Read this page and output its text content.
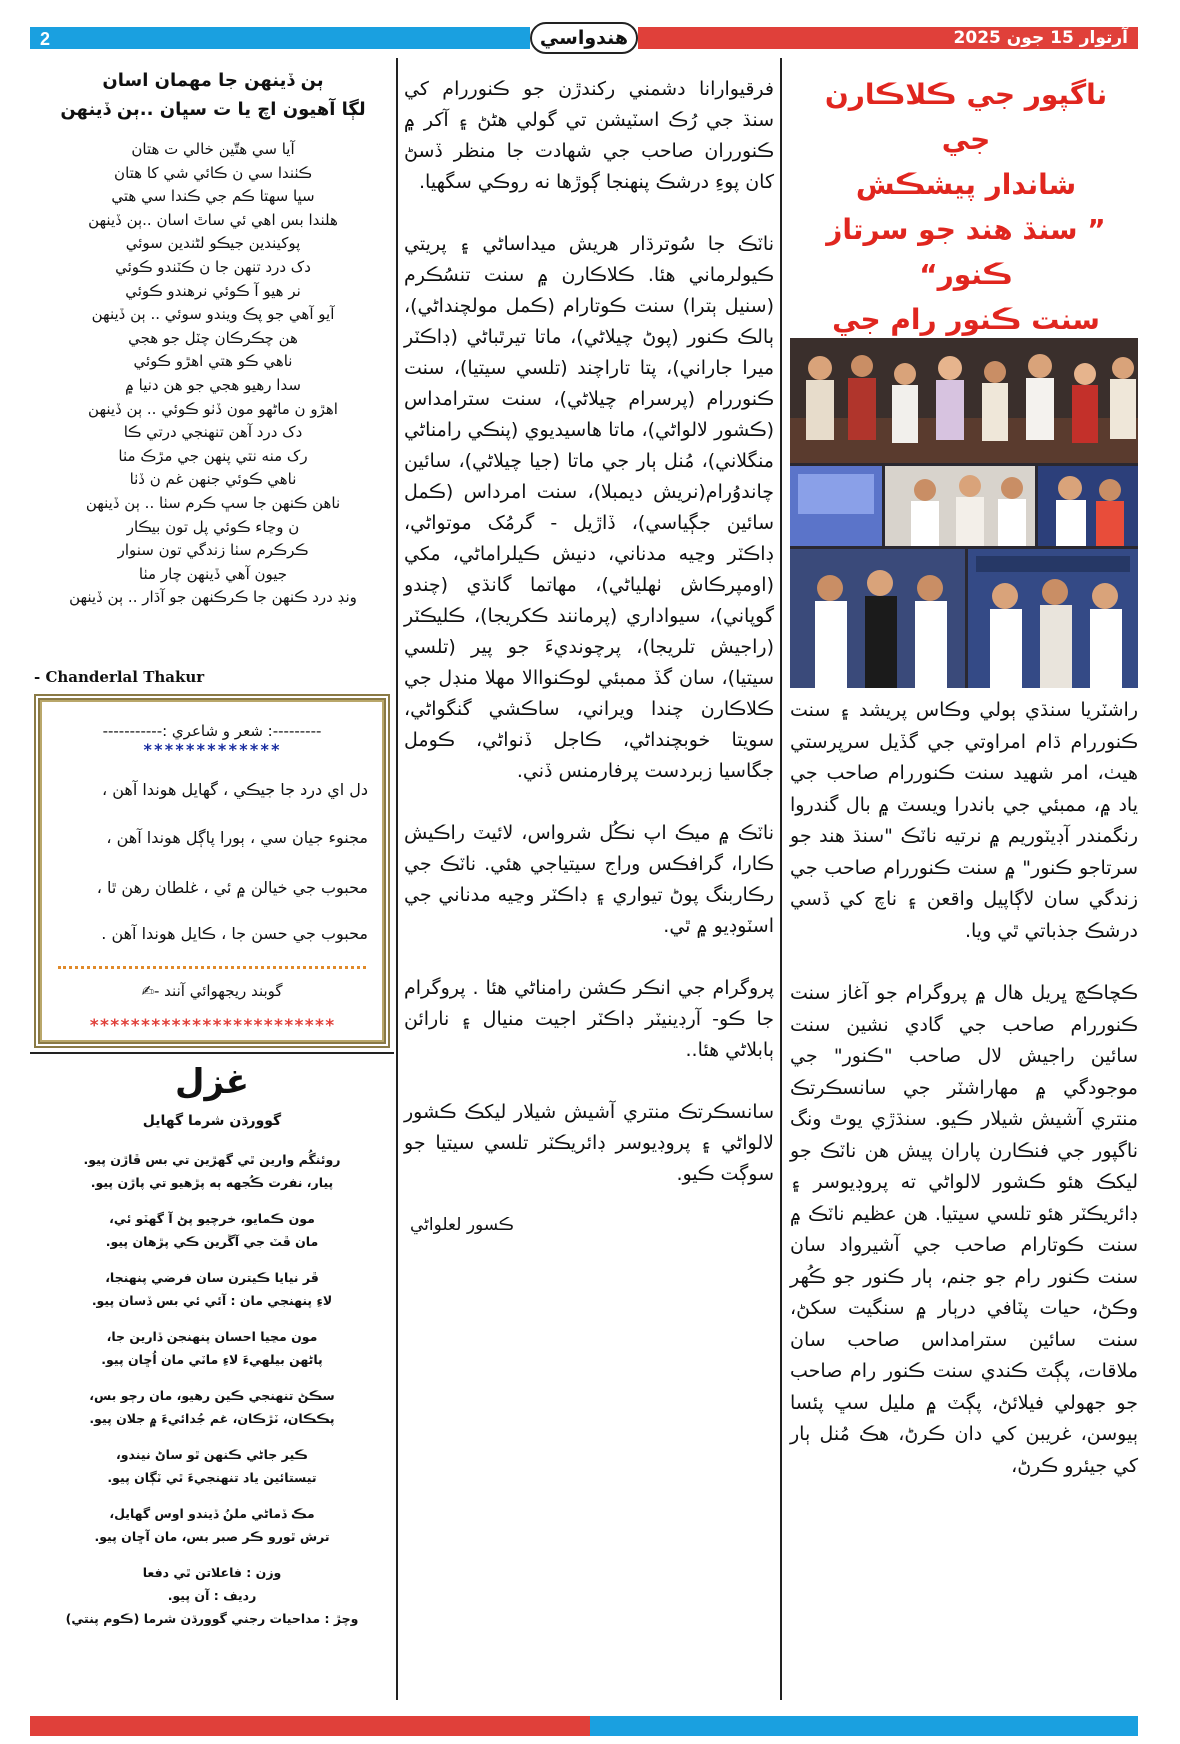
2	آرتوار 15 جون 2025
هندواسي
ٻن ڏينهن جا مهمان اسان
لڳا آهيون اچ يا ت سڀان ..ٻن ڏينهن
آيا سي هتّين خالي ت هتان
ڪٺندا سي ن ڪائي شي کا هتان
سڀا سهتا ڪم جي ڪندا سي هتي
هلندا بس اهي ئي ساٿ اسان ..ٻن ڏينهن
پوکيندين جيڪو لڻندين سوئي
دک درد تنهن جا ن ڪٽندو ڪوئي
نر هيو آ ڪوئي نرهندو ڪوئي
آيو آهي جو پڪ ويندو سوئي .. ٻن ڏينهن
هن چڪرڪان چٽل جو هجي
ناهي ڪو هتي اهڙو ڪوئي
سدا رهيو هجي جو هن دنيا ۾
اهڙو ن ماڻهو مون ڏٺو ڪوئي .. ٻن ڏينهن
دک درد آهن تنهنجي درتي ڪا
رک منه نتي پنهن جي مڙڪ مٺا
ناهي ڪوئي جنهن غم ن ڏٺا
ناهن ڪنهن جا سڀ ڪرم سٺا .. ٻن ڏينهن
ن وڃاء ڪوئي پل تون بيڪار
ڪرڪرم سٺا زندگي تون سنوار
جيون آهي ڏينهن چار مٺا
ونڊ درد ڪنهن جا ڪرڪنهن جو آڌار .. ٻن ڏينهن
- Chanderlal Thakur
---------: شعر و شاعري :-----------
*************
دل اي درد جا جيڪي ، گهايل هوندا آهن ،
مجنوء جيان سي ، ٻورا پاڳل هوندا آهن ،
محبوب جي خيالن ۾ ئي ، غلطان رهن ٿا ،
محبوب جي حسن جا ، ڪايل هوندا آهن .
گوبند ريجهوائي آنند -✍
************************
غزل
گوورڌن شرما گهايل
روئنگُم وارين ٿي گهڙين تي بس ڦاڙن پيو.
پيار، نفرت ڪُجهه ٻه پڙهيو تي پاڙن پيو.
مون ڪمايو، خرچيو پڻ آ گهٽو ئي،
مان ڦٽ جي آڱرين ڪي پڙهان پيو.
ڦر نيايا ڪيترن سان فرضي پنهنجا،
لاءِ پنهنجي مان : آئي ئي بس ڏسان پيو.
مون مڃيا احسان پنهنجن ڏارين جا،
پاڻهن بيلهيءَ لاءِ ماٽي مان اُڇان پيو.
سڪڻ تنهنجي ڪين رهيو، مان رڄو بس،
پڪڪان، ٽڙڪان، غم جُدائيءَ ۾ جلان پيو.
ڪير جاڻي ڪنهن ٿو ساڻ نيندو،
تيستائين ياد تنهنجيءَ ٿي ٽڳان پيو.
مڪ ڏماڻي ملنُ ڏيندو اوس گهايل،
ترش ٿورو ڪر صبر بس، مان آڇان پيو.
وزن : فاعلاتن ٿي دفعا
رديف : آن پيو.
وچڙ : مداحيات رجني گوورڌن شرما (ڪوم پنتي)

فرقيوارانا دشمني رکندڙن جو ڪنوررام کي سنڌ جي رُڪ اسٽيشن تي گولي هڻڻ ۽ آکر ۾ ڪنورران صاحب جي شهادت جا منظر ڏسڻ کان پوءِ درشڪ پنهنجا ڳوڙها نه روڪي سگهيا.

ناٽڪ جا سُوترڌار هريش ميداساڻي ۽ پريتي ڪيولرماني هئا. ڪلاڪارن ۾ سنت تنسُڪرم (سنيل ٻترا) سنت ڪوتارام (ڪمل مولچنداڻي)، ٻالڪ ڪنور (پوڻ چيلاڻي)، ماتا تيرٿباڻي (ڊاڪٽر ميرا جاراني)، پتا تاراچند (تلسي سيتيا)، سنت ڪنوررام (پرسرام چيلاڻي)، سنت سترامداس (ڪشور لالواڻي)، ماتا هاسيديوي (پنڪي رامناڻي منگلاني)، مُنل ٻار جي ماتا (جيا چيلاڻي)، سائين چاندوُرام(نريش ديمبلا)، سنت امرداس (ڪمل سائين جڳياسي)، ڏاڙيل - گرمُک موتواڻي، ڊاڪٽر وڃيه مدناني، دنيش ڪيلراماڻي، مکي (اومپرڪاش ٺهلياڻي)، مهاتما گانڌي (چندو گوپاني)، سيواداري (پرمانند ڪکريجا)، ڪليڪٽر (راجيش تلريجا)، پرچونديءَ جو پير (تلسي سيتيا)، سان گڏ ممبئي لوڪنواالا مهلا منڊل جي ڪلاڪارن چندا ويراني، ساڪشي گنگواڻي، سويتا خوبچنداڻي، ڪاجل ڏنواڻي، ڪومل جگاسيا زبردست پرفارمنس ڏني.

ناٽڪ ۾ ميڪ اپ نڪُل شرواس، لائيٽ راڪيش ڪارا، گرافڪس وراج سيتياجي هئي. ناٽڪ جي رڪاربنگ پوڻ تيواري ۽ ڊاڪٽر وڃيه مدناني جي اسٽوڊيو ۾ ٿي.

پروگرام جي انڪر ڪشن رامناڻي هئا . پروگرام جا ڪو- آرڊينيٽر ڊاڪٽر اجيت منيال ۽ نارائن ٻابلاڻي هئا..

سانسڪرتڪ منتري آشيش شيلار ليکڪ ڪشور لالواڻي ۽ پروڊيوسر ڊائريڪٽر تلسي سيتيا جو سوڳت ڪيو.

ڪسور لعلواڻي

ناگپور جي ڪلاڪارن جي
شاندار پيشڪش
” سنڌ هند جو سرتاز ڪنور“
سنت ڪنور رام جي

راشٽريا سنڌي ٻولي وڪاس پريشد ۽ سنت ڪنوررام ڌام امراوتي جي گڏيل سرپرستي هيٺ، امر شهيد سنت ڪنوررام صاحب جي ياد ۾، ممبئي جي باندرا ويسٽ ۾ بال گندروا رنگمندر آڊيٽوريم ۾ نرتيه ناٽڪ "سنڌ هند جو سرتاجو ڪنور" ۾ سنت ڪنوررام صاحب جي زندگي سان لاڳاپيل واقعن ۽ ناچ کي ڏسي درشڪ جذباتي ٿي ويا.

ڪچاڪچ ڀريل هال ۾ پروگرام جو آغاز سنت ڪنوررام صاحب جي گادي نشين سنت سائين راجيش لال صاحب "ڪنور" جي موجودگي ۾ مهاراشٽر جي سانسڪرتڪ منتري آشيش شيلار ڪيو. سنڌڙي يوٿ ونگ ناگپور جي فنڪارن پاران پيش هن ناٽڪ جو ليکڪ هئو ڪشور لالواڻي ته پروڊيوسر ۽ ڊائريڪٽر هئو تلسي سيتيا. هن عظيم ناٽڪ ۾ سنت ڪوتارام صاحب جي آشيرواد سان سنت ڪنور رام جو جنم، ٻار ڪنور جو ڪُهر وڪڻ، حيات پٽافي درٻار ۾ سنگيت سکڻ، سنت سائين سترامداس صاحب سان ملاقات، پڳٽ ڪندي سنت ڪنور رام صاحب جو جهولي فيلائڻ، پڳٽ ۾ مليل سڀ پئسا ٻيوسن، غريبن کي دان ڪرڻ، هڪ مُنل ٻار کي جيئرو ڪرڻ،
